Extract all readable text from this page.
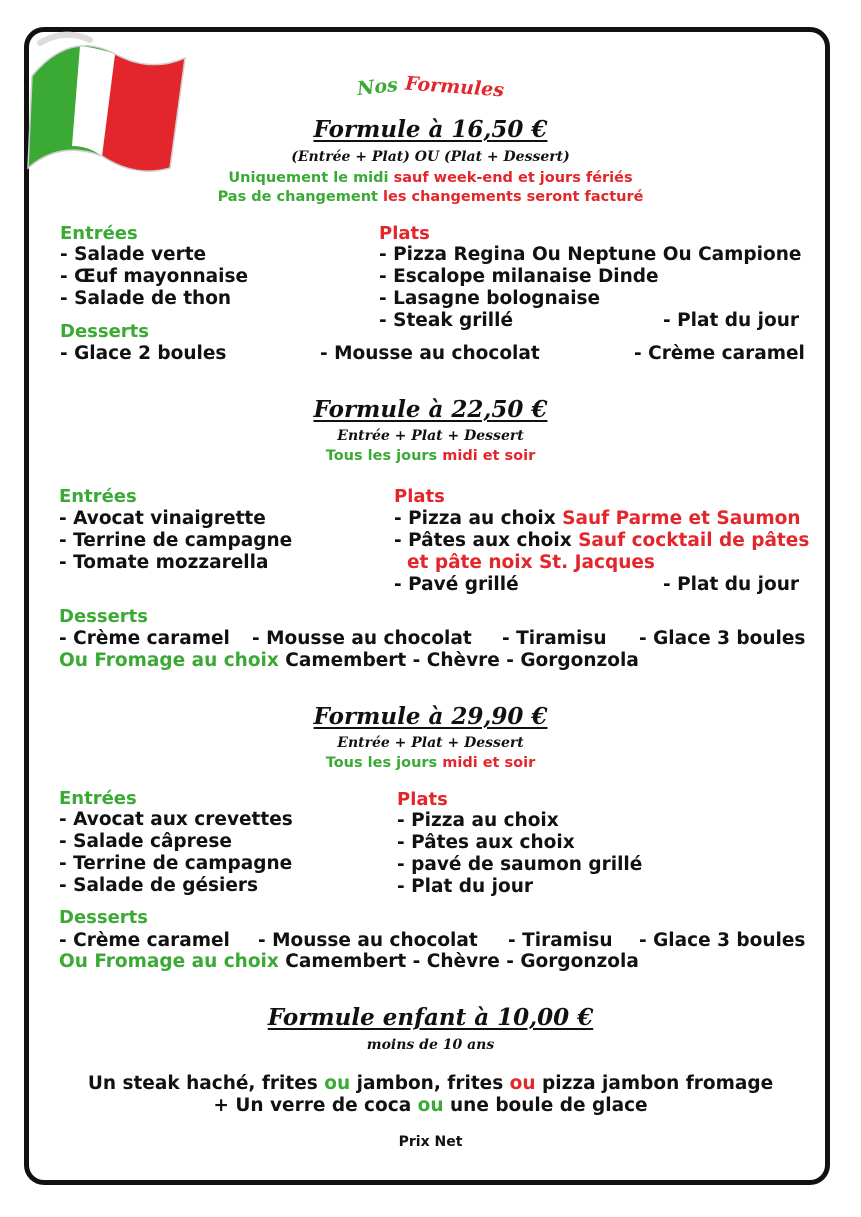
Nos Formules
Formule à 16,50 €
(Entrée + Plat) OU (Plat + Dessert)
Uniquement le midi sauf week-end et jours fériés
Pas de changement les changements seront facturé
Entrées
- Salade verte
- Œuf mayonnaise
- Salade de thon
Plats
- Pizza Regina Ou Neptune Ou Campione
- Escalope milanaise Dinde
- Lasagne bolognaise
- Steak grillé	- Plat du jour
Desserts
- Glace 2 boules	- Mousse au chocolat	- Crème caramel
Formule à 22,50 €
Entrée + Plat + Dessert
Tous les jours midi et soir
Entrées
- Avocat vinaigrette
- Terrine de campagne
- Tomate mozzarella
Plats
- Pizza au choix Sauf Parme et Saumon
- Pâtes aux choix Sauf cocktail de pâtes
et pâte noix St. Jacques
- Pavé grillé	- Plat du jour
Desserts
- Crème caramel - Mousse au chocolat - Tiramisu - Glace 3 boules
Ou Fromage au choix Camembert - Chèvre - Gorgonzola
Formule à 29,90 €
Entrée + Plat + Dessert
Tous les jours midi et soir
Entrées
- Avocat aux crevettes
- Salade câprese
- Terrine de campagne
- Salade de gésiers
Plats
- Pizza au choix
- Pâtes aux choix
- pavé de saumon grillé
- Plat du jour
Desserts
- Crème caramel - Mousse au chocolat - Tiramisu - Glace 3 boules
Ou Fromage au choix Camembert - Chèvre - Gorgonzola
Formule enfant à 10,00 €
moins de 10 ans
Un steak haché, frites ou jambon, frites ou pizza jambon fromage
+ Un verre de coca ou une boule de glace
Prix Net
